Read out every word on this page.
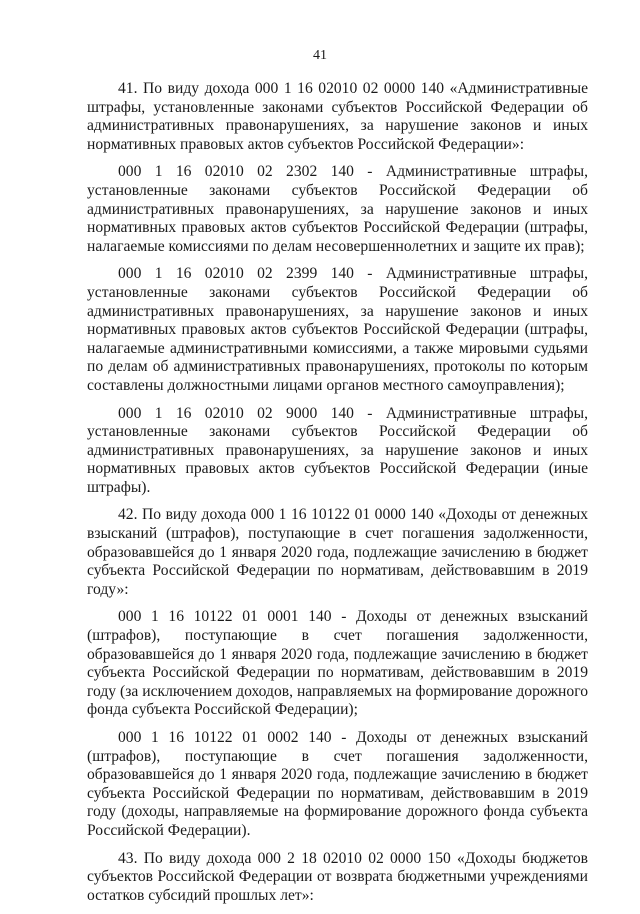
41

41. По виду дохода 000 1 16 02010 02 0000 140 «Административные штрафы, установленные законами субъектов Российской Федерации об административных правонарушениях, за нарушение законов и иных нормативных правовых актов субъектов Российской Федерации»:

000 1 16 02010 02 2302 140 - Административные штрафы, установленные законами субъектов Российской Федерации об административных правонарушениях, за нарушение законов и иных нормативных правовых актов субъектов Российской Федерации (штрафы, налагаемые комиссиями по делам несовершеннолетних и защите их прав);

000 1 16 02010 02 2399 140 - Административные штрафы, установленные законами субъектов Российской Федерации об административных правонарушениях, за нарушение законов и иных нормативных правовых актов субъектов Российской Федерации (штрафы, налагаемые административными комиссиями, а также мировыми судьями по делам об административных правонарушениях, протоколы по которым составлены должностными лицами органов местного самоуправления);

000 1 16 02010 02 9000 140 - Административные штрафы, установленные законами субъектов Российской Федерации об административных правонарушениях, за нарушение законов и иных нормативных правовых актов субъектов Российской Федерации (иные штрафы).

42. По виду дохода 000 1 16 10122 01 0000 140 «Доходы от денежных взысканий (штрафов), поступающие в счет погашения задолженности, образовавшейся до 1 января 2020 года, подлежащие зачислению в бюджет субъекта Российской Федерации по нормативам, действовавшим в 2019 году»:

000 1 16 10122 01 0001 140 - Доходы от денежных взысканий (штрафов), поступающие в счет погашения задолженности, образовавшейся до 1 января 2020 года, подлежащие зачислению в бюджет субъекта Российской Федерации по нормативам, действовавшим в 2019 году (за исключением доходов, направляемых на формирование дорожного фонда субъекта Российской Федерации);

000 1 16 10122 01 0002 140 - Доходы от денежных взысканий (штрафов), поступающие в счет погашения задолженности, образовавшейся до 1 января 2020 года, подлежащие зачислению в бюджет субъекта Российской Федерации по нормативам, действовавшим в 2019 году (доходы, направляемые на формирование дорожного фонда субъекта Российской Федерации).

43. По виду дохода 000 2 18 02010 02 0000 150 «Доходы бюджетов субъектов Российской Федерации от возврата бюджетными учреждениями остатков субсидий прошлых лет»:
